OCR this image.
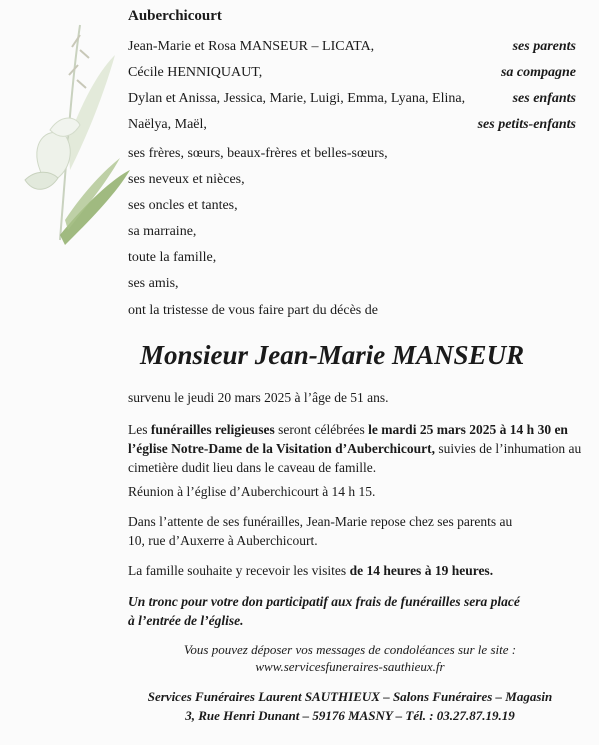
Auberchicourt
Jean-Marie et Rosa MANSEUR – LICATA,	ses parents
Cécile HENNIQUAUT,	sa compagne
Dylan et Anissa, Jessica, Marie, Luigi, Emma, Lyana, Elina,	ses enfants
Naëlya, Maël,	ses petits-enfants
ses frères, sœurs, beaux-frères et belles-sœurs,
ses neveux et nièces,
ses oncles et tantes,
sa marraine,
toute la famille,
ses amis,
ont la tristesse de vous faire part du décès de
Monsieur Jean-Marie MANSEUR
survenu le jeudi 20 mars 2025 à l’âge de 51 ans.
Les funérailles religieuses seront célébrées le mardi 25 mars 2025 à 14 h 30 en l’église Notre-Dame de la Visitation d’Auberchicourt, suivies de l’inhumation au cimetière dudit lieu dans le caveau de famille.
Réunion à l’église d’Auberchicourt à 14 h 15.
Dans l’attente de ses funérailles, Jean-Marie repose chez ses parents au 10, rue d’Auxerre à Auberchicourt.
La famille souhaite y recevoir les visites de 14 heures à 19 heures.
Un tronc pour votre don participatif aux frais de funérailles sera placé à l’entrée de l’église.
Vous pouvez déposer vos messages de condoléances sur le site :
www.servicesfuneraires-sauthieux.fr
Services Funéraires Laurent SAUTHIEUX – Salons Funéraires – Magasin
3, Rue Henri Dunant – 59176 MASNY – Tél. : 03.27.87.19.19
